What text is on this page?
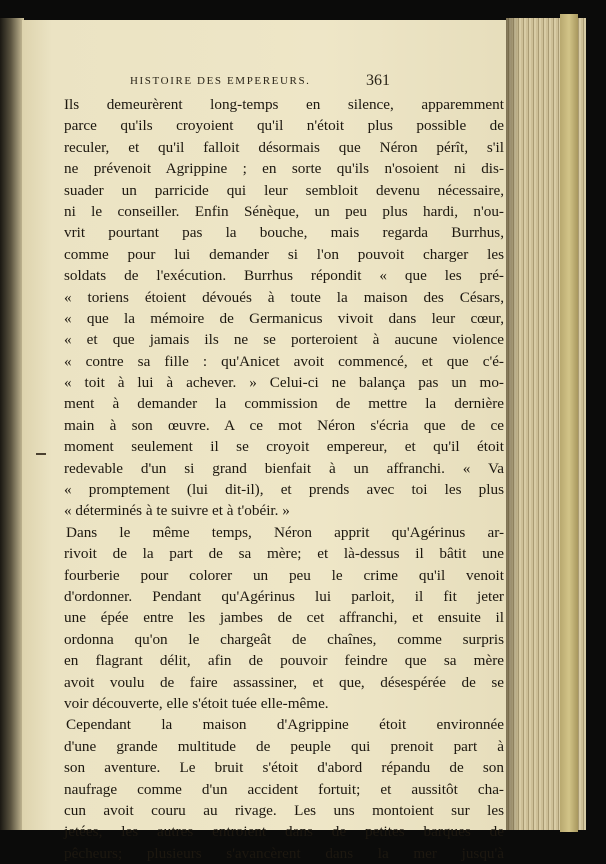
HISTOIRE DES EMPEREURS.	361
Ils demeurèrent long-temps en silence, apparemment
parce qu'ils croyoient qu'il n'étoit plus possible de
reculer, et qu'il falloit désormais que Néron pérît, s'il
ne prévenoit Agrippine ; en sorte qu'ils n'osoient ni dis-
suader un parricide qui leur sembloit devenu nécessaire,
ni le conseiller. Enfin Sénèque, un peu plus hardi, n'ou-
vrit pourtant pas la bouche, mais regarda Burrhus,
comme pour lui demander si l'on pouvoit charger les
soldats de l'exécution. Burrhus répondit « que les pré-
« toriens étoient dévoués à toute la maison des Césars,
« que la mémoire de Germanicus vivoit dans leur cœur,
« et que jamais ils ne se porteroient à aucune violence
« contre sa fille : qu'Anicet avoit commencé, et que c'é-
« toit à lui à achever. » Celui-ci ne balança pas un mo-
ment à demander la commission de mettre la dernière
main à son œuvre. A ce mot Néron s'écria que de ce
moment seulement il se croyoit empereur, et qu'il étoit
redevable d'un si grand bienfait à un affranchi. « Va
« promptement (lui dit-il), et prends avec toi les plus
« déterminés à te suivre et à t'obéir. »
Dans le même temps, Néron apprit qu'Agérinus ar-
rivoit de la part de sa mère; et là-dessus il bâtit une
fourberie pour colorer un peu le crime qu'il venoit
d'ordonner. Pendant qu'Agérinus lui parloit, il fit jeter
une épée entre les jambes de cet affranchi, et ensuite il
ordonna qu'on le chargeât de chaînes, comme surpris
en flagrant délit, afin de pouvoir feindre que sa mère
avoit voulu de faire assassiner, et que, désespérée de se
voir découverte, elle s'étoit tuée elle-même.
Cependant la maison d'Agrippine étoit environnée
d'une grande multitude de peuple qui prenoit part à
son aventure. Le bruit s'étoit d'abord répandu de son
naufrage comme d'un accident fortuit; et aussitôt cha-
cun avoit couru au rivage. Les uns montoient sur les
jetées, les autres entroient dans de petites barques de
pêcheurs; plusieurs s'avancèrent dans la mer jusqu'à
